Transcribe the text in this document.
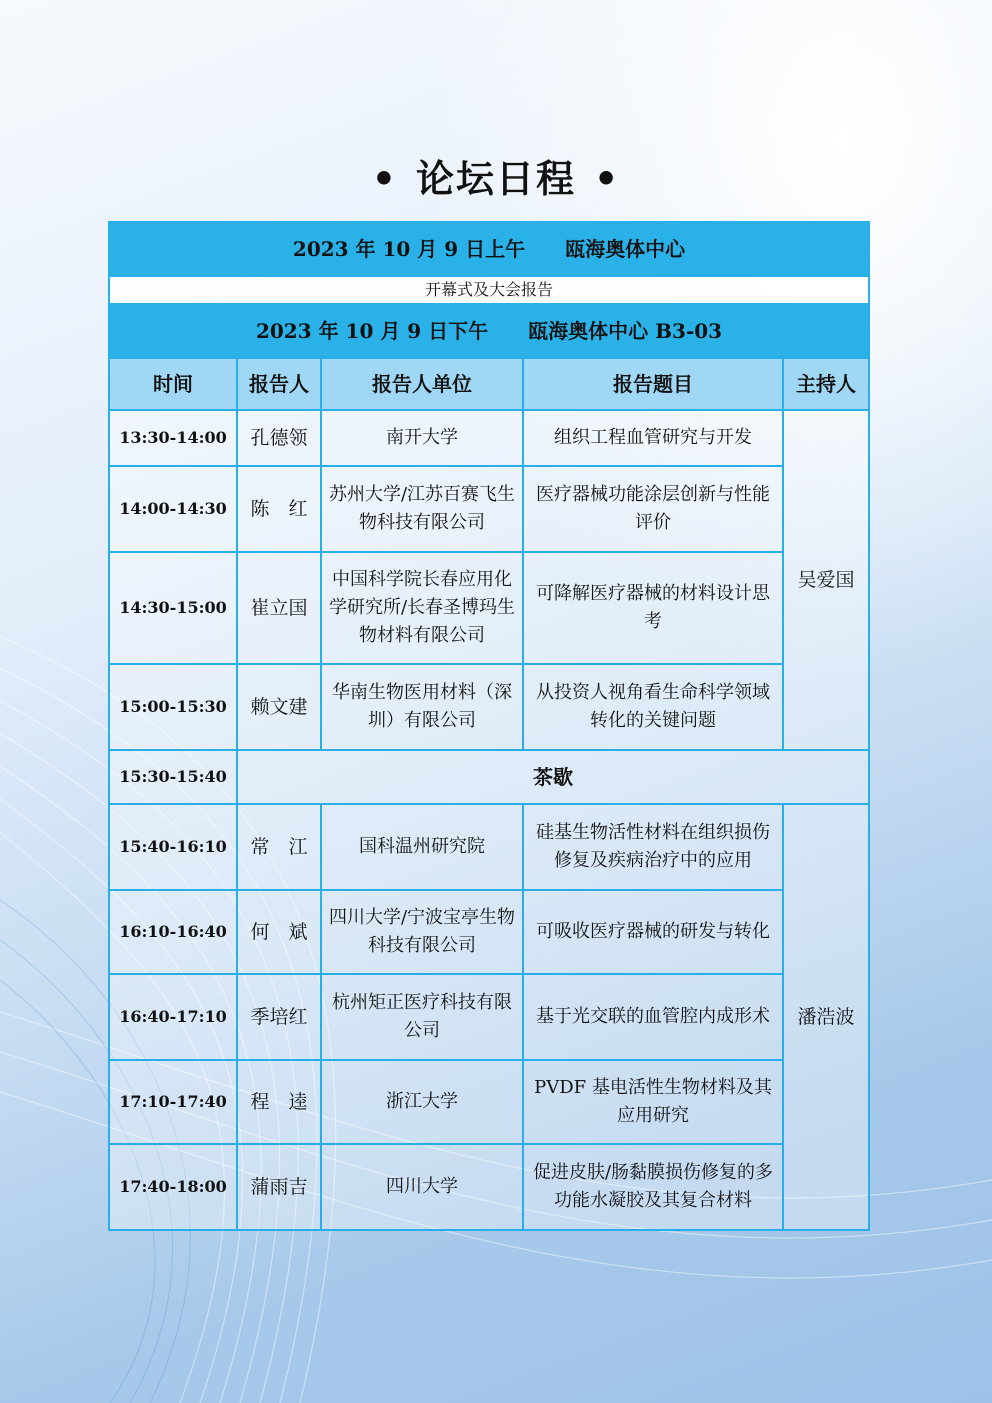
• 论坛日程 •
2023 年 10 月 9 日上午   瓯海奥体中心				
开幕式及大会报告				
2023 年 10 月 9 日下午   瓯海奥体中心 B3-03				
时间	报告人	报告人单位	报告题目	主持人
13:30-14:00	孔德领	南开大学	组织工程血管研究与开发	吴爱国
14:00-14:30	陈　红	苏州大学/江苏百赛飞生物科技有限公司	医疗器械功能涂层创新与性能评价	
14:30-15:00	崔立国	中国科学院长春应用化学研究所/长春圣博玛生物材料有限公司	可降解医疗器械的材料设计思考	
15:00-15:30	赖文建	华南生物医用材料（深圳）有限公司	从投资人视角看生命科学领域转化的关键问题	
15:30-15:40	茶歇			
15:40-16:10	常　江	国科温州研究院	硅基生物活性材料在组织损伤修复及疾病治疗中的应用	潘浩波
16:10-16:40	何　斌	四川大学/宁波宝亭生物科技有限公司	可吸收医疗器械的研发与转化	
16:40-17:10	季培红	杭州矩正医疗科技有限公司	基于光交联的血管腔内成形术	
17:10-17:40	程　逵	浙江大学	PVDF 基电活性生物材料及其应用研究	
17:40-18:00	蒲雨吉	四川大学	促进皮肤/肠黏膜损伤修复的多功能水凝胶及其复合材料	
